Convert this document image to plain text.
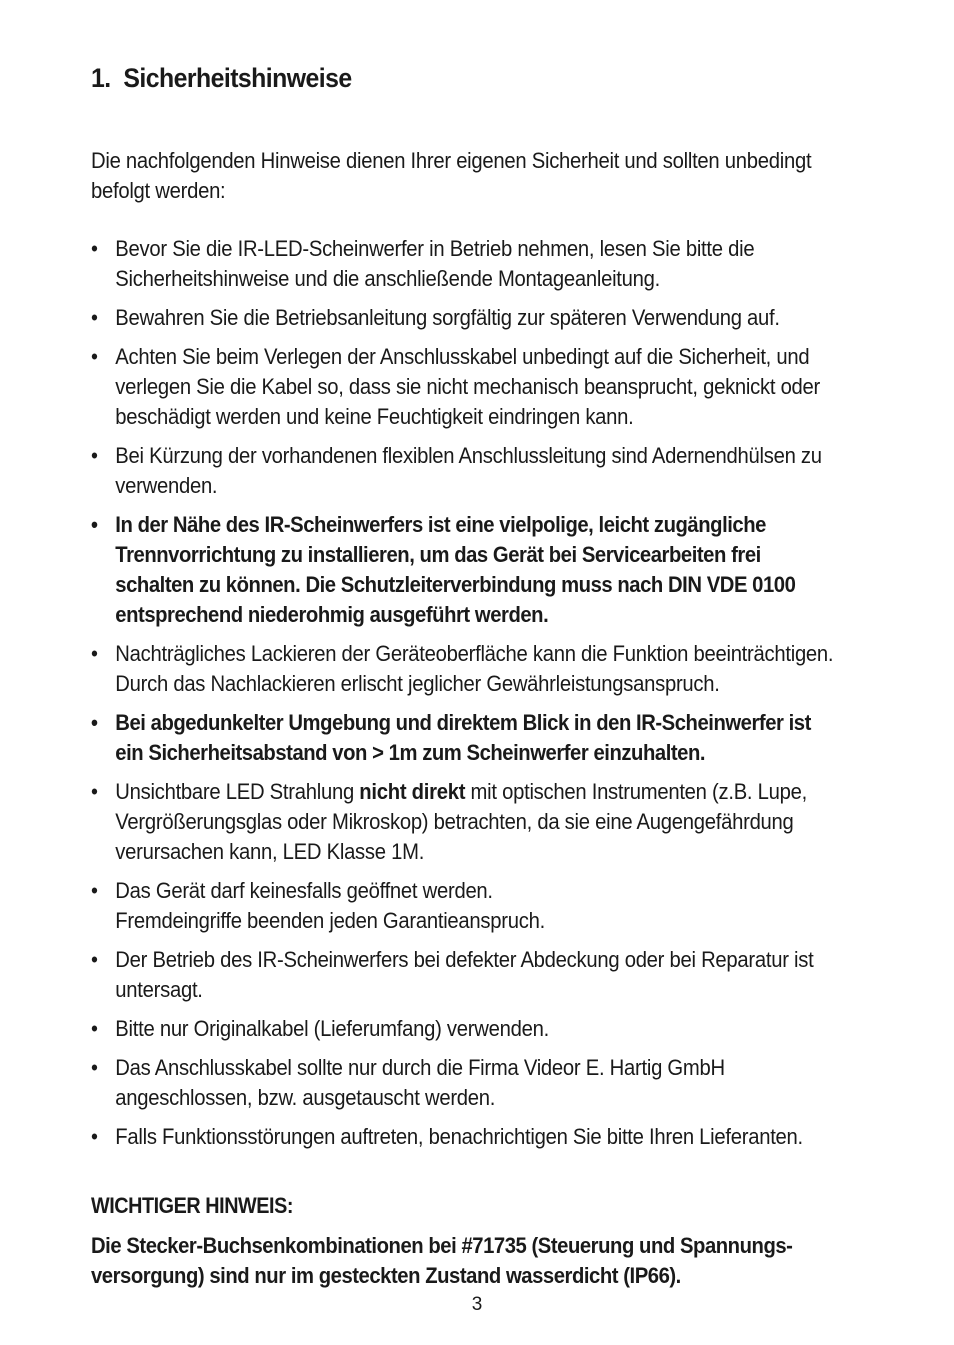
1. Sicherheitshinweise

Die nachfolgenden Hinweise dienen Ihrer eigenen Sicherheit und sollten unbedingt
befolgt werden:

• Bevor Sie die IR-LED-Scheinwerfer in Betrieb nehmen, lesen Sie bitte die
Sicherheitshinweise und die anschließende Montageanleitung.
• Bewahren Sie die Betriebsanleitung sorgfältig zur späteren Verwendung auf.
• Achten Sie beim Verlegen der Anschlusskabel unbedingt auf die Sicherheit, und
verlegen Sie die Kabel so, dass sie nicht mechanisch beansprucht, geknickt oder
beschädigt werden und keine Feuchtigkeit eindringen kann.
• Bei Kürzung der vorhandenen flexiblen Anschlussleitung sind Adernendhülsen zu
verwenden.
• In der Nähe des IR-Scheinwerfers ist eine vielpolige, leicht zugängliche
Trennvorrichtung zu installieren, um das Gerät bei Servicearbeiten frei
schalten zu können. Die Schutzleiterverbindung muss nach DIN VDE 0100
entsprechend niederohmig ausgeführt werden.
• Nachträgliches Lackieren der Geräteoberfläche kann die Funktion beeinträchtigen.
Durch das Nachlackieren erlischt jeglicher Gewährleistungsanspruch.
• Bei abgedunkelter Umgebung und direktem Blick in den IR-Scheinwerfer ist
ein Sicherheitsabstand von > 1m zum Scheinwerfer einzuhalten.
• Unsichtbare LED Strahlung nicht direkt mit optischen Instrumenten (z.B. Lupe,
Vergrößerungsglas oder Mikroskop) betrachten, da sie eine Augengefährdung
verursachen kann, LED Klasse 1M.
• Das Gerät darf keinesfalls geöffnet werden.
Fremdeingriffe beenden jeden Garantieanspruch.
• Der Betrieb des IR-Scheinwerfers bei defekter Abdeckung oder bei Reparatur ist
untersagt.
• Bitte nur Originalkabel (Lieferumfang) verwenden.
• Das Anschlusskabel sollte nur durch die Firma Videor E. Hartig GmbH
angeschlossen, bzw. ausgetauscht werden.
• Falls Funktionsstörungen auftreten, benachrichtigen Sie bitte Ihren Lieferanten.
WICHTIGER HINWEIS:
Die Stecker-Buchsenkombinationen bei #71735 (Steuerung und Spannungs-
versorgung) sind nur im gesteckten Zustand wasserdicht (IP66).
3
